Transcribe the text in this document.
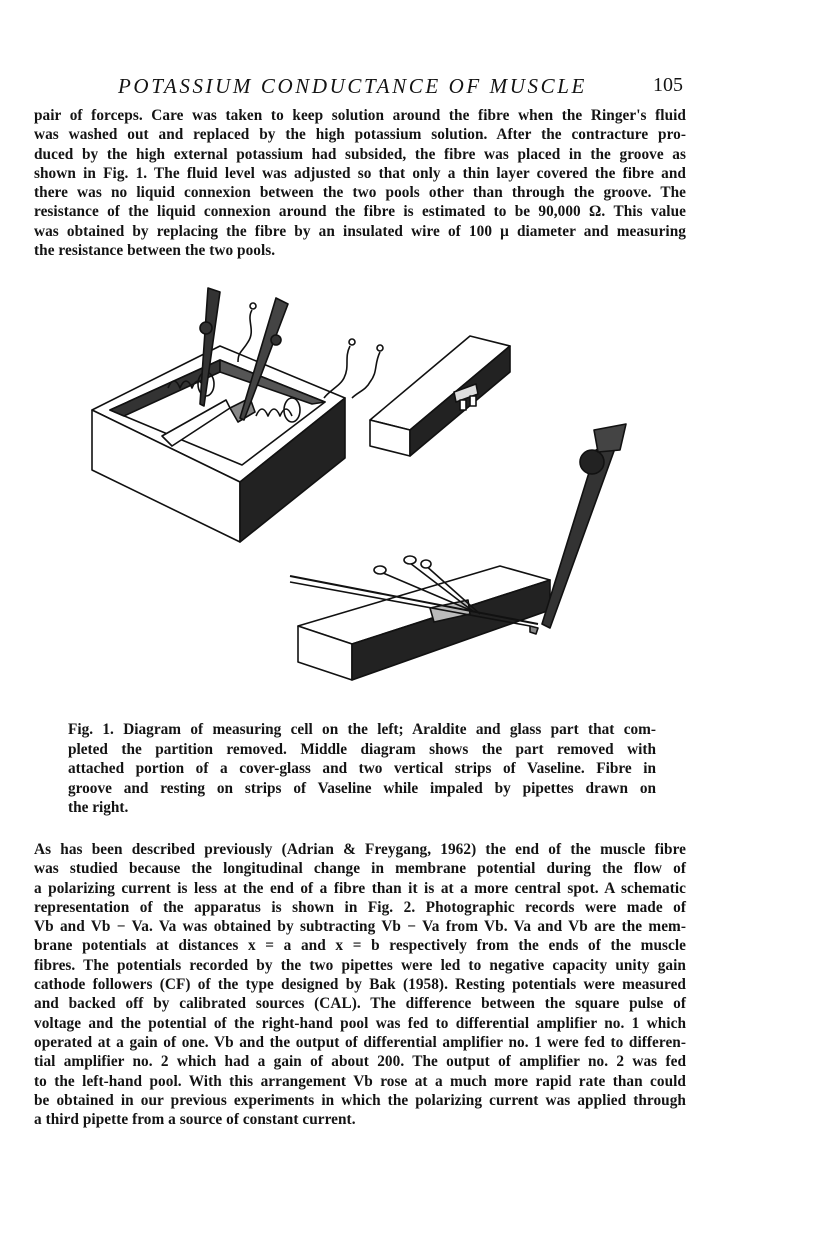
POTASSIUM CONDUCTANCE OF MUSCLE	105
pair of forceps. Care was taken to keep solution around the fibre when the Ringer's fluid
was washed out and replaced by the high potassium solution. After the contracture pro-
duced by the high external potassium had subsided, the fibre was placed in the groove as
shown in Fig. 1. The fluid level was adjusted so that only a thin layer covered the fibre and
there was no liquid connexion between the two pools other than through the groove. The
resistance of the liquid connexion around the fibre is estimated to be 90,000 Ω. This value
was obtained by replacing the fibre by an insulated wire of 100 μ diameter and measuring
the resistance between the two pools.
Fig. 1. Diagram of measuring cell on the left; Araldite and glass part that com-
pleted the partition removed. Middle diagram shows the part removed with
attached portion of a cover-glass and two vertical strips of Vaseline. Fibre in
groove and resting on strips of Vaseline while impaled by pipettes drawn on
the right.
As has been described previously (Adrian & Freygang, 1962) the end of the muscle fibre
was studied because the longitudinal change in membrane potential during the flow of
a polarizing current is less at the end of a fibre than it is at a more central spot. A schematic
representation of the apparatus is shown in Fig. 2. Photographic records were made of
Vb and Vb − Va. Va was obtained by subtracting Vb − Va from Vb. Va and Vb are the mem-
brane potentials at distances x = a and x = b respectively from the ends of the muscle
fibres. The potentials recorded by the two pipettes were led to negative capacity unity gain
cathode followers (CF) of the type designed by Bak (1958). Resting potentials were measured
and backed off by calibrated sources (CAL). The difference between the square pulse of
voltage and the potential of the right-hand pool was fed to differential amplifier no. 1 which
operated at a gain of one. Vb and the output of differential amplifier no. 1 were fed to differen-
tial amplifier no. 2 which had a gain of about 200. The output of amplifier no. 2 was fed
to the left-hand pool. With this arrangement Vb rose at a much more rapid rate than could
be obtained in our previous experiments in which the polarizing current was applied through
a third pipette from a source of constant current.
